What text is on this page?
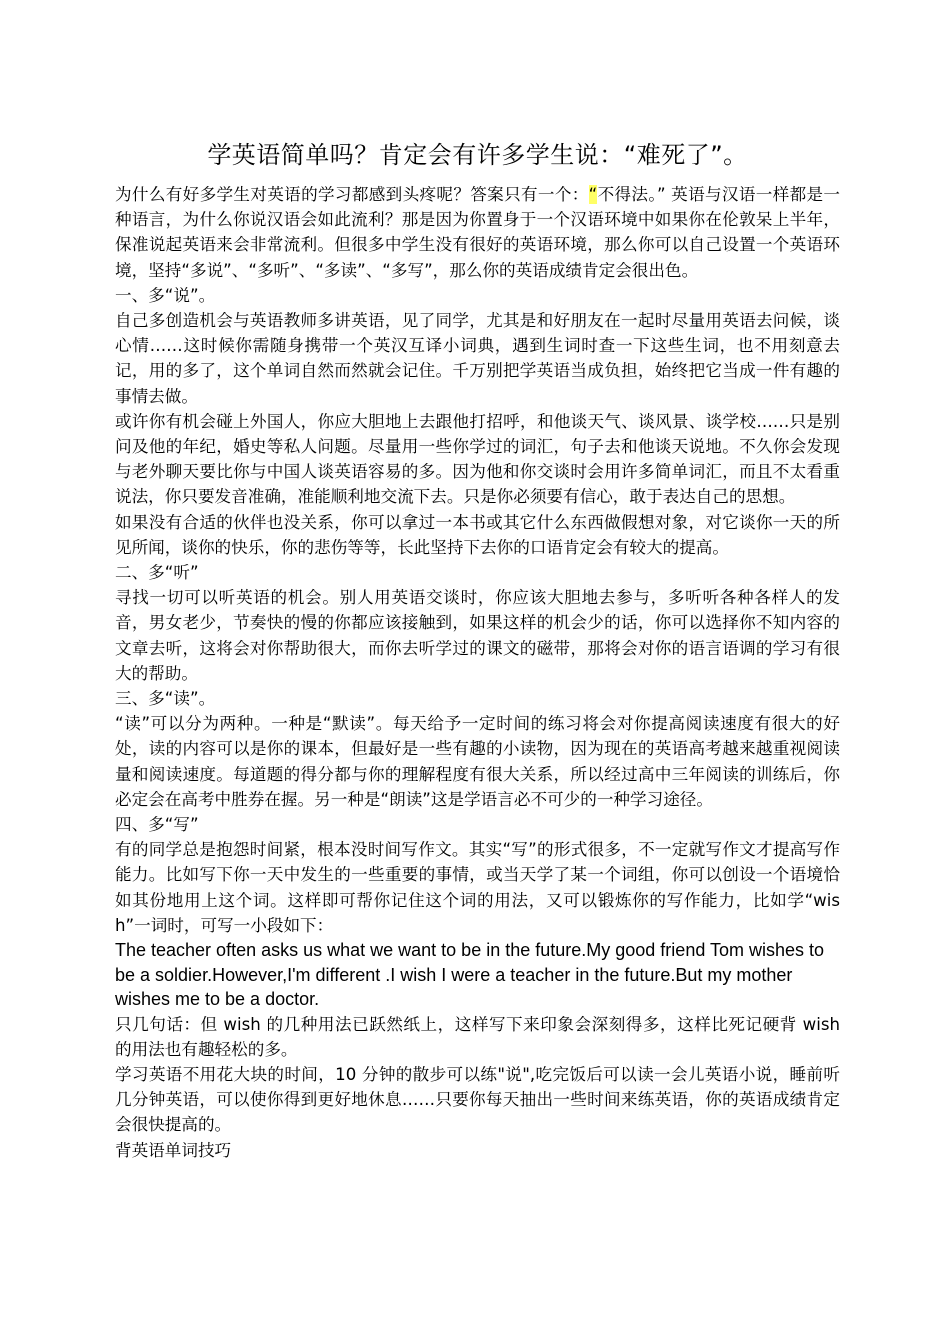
学英语简单吗？肯定会有许多学生说：“难死了”。

为什么有好多学生对英语的学习都感到头疼呢？答案只有一个：“不得法。” 英语与汉语一样都是一种语言，为什么你说汉语会如此流利？那是因为你置身于一个汉语环境中如果你在伦敦呆上半年，保准说起英语来会非常流利。但很多中学生没有很好的英语环境，那么你可以自己设置一个英语环境，坚持“多说”、“多听”、“多读”、“多写”，那么你的英语成绩肯定会很出色。

一、多“说”。

自己多创造机会与英语教师多讲英语，见了同学，尤其是和好朋友在一起时尽量用英语去问候，谈心情……这时候你需随身携带一个英汉互译小词典，遇到生词时查一下这些生词，也不用刻意去记，用的多了，这个单词自然而然就会记住。千万别把学英语当成负担，始终把它当成一件有趣的事情去做。

或许你有机会碰上外国人，你应大胆地上去跟他打招呼，和他谈天气、谈风景、谈学校……只是别问及他的年纪，婚史等私人问题。尽量用一些你学过的词汇，句子去和他谈天说地。不久你会发现与老外聊天要比你与中国人谈英语容易的多。因为他和你交谈时会用许多简单词汇，而且不太看重说法，你只要发音准确，准能顺利地交流下去。只是你必须要有信心，敢于表达自己的思想。

如果没有合适的伙伴也没关系，你可以拿过一本书或其它什么东西做假想对象，对它谈你一天的所见所闻，谈你的快乐，你的悲伤等等，长此坚持下去你的口语肯定会有较大的提高。

二、多“听”

寻找一切可以听英语的机会。别人用英语交谈时，你应该大胆地去参与，多听听各种各样人的发音，男女老少，节奏快的慢的你都应该接触到，如果这样的机会少的话，你可以选择你不知内容的文章去听，这将会对你帮助很大，而你去听学过的课文的磁带，那将会对你的语言语调的学习有很大的帮助。

三、多“读”。

“读”可以分为两种。一种是“默读”。每天给予一定时间的练习将会对你提高阅读速度有很大的好处，读的内容可以是你的课本，但最好是一些有趣的小读物，因为现在的英语高考越来越重视阅读量和阅读速度。每道题的得分都与你的理解程度有很大关系，所以经过高中三年阅读的训练后，你必定会在高考中胜券在握。另一种是“朗读”这是学语言必不可少的一种学习途径。

四、多“写”

有的同学总是抱怨时间紧，根本没时间写作文。其实“写”的形式很多，不一定就写作文才提高写作能力。比如写下你一天中发生的一些重要的事情，或当天学了某一个词组，你可以创设一个语境恰如其份地用上这个词。这样即可帮你记住这个词的用法，又可以锻炼你的写作能力，比如学“wish”一词时，可写一小段如下：

The teacher often asks us what we want to be in the future.My good friend Tom wishes to be a soldier.However,I'm different .I wish I were a teacher in the future.But my mother wishes me to be a doctor.

只几句话：但 wish 的几种用法已跃然纸上，这样写下来印象会深刻得多，这样比死记硬背 wish 的用法也有趣轻松的多。

学习英语不用花大块的时间，10 分钟的散步可以练"说",吃完饭后可以读一会儿英语小说，睡前听几分钟英语，可以使你得到更好地休息……只要你每天抽出一些时间来练英语，你的英语成绩肯定会很快提高的。

背英语单词技巧
